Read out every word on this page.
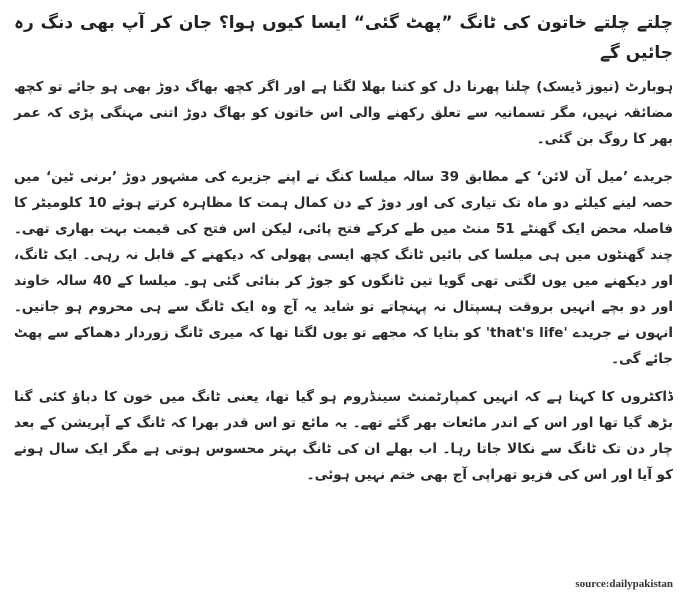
چلتے چلتے خاتون کی ٹانگ ”پھٹ گئی“ ایسا کیوں ہوا؟ جان کر آپ بھی دنگ رہ جائیں گے

ہوبارٹ (نیوز ڈیسک) چلنا پھرنا دل کو کتنا بھلا لگتا ہے اور اگر کچھ بھاگ دوڑ بھی ہو جائے تو کچھ مضائقہ نہیں، مگر تسمانیہ سے تعلق رکھنے والی اس خاتون کو بھاگ دوڑ اتنی مہنگی پڑی کہ عمر بھر کا روگ بن گئی۔

جریدے ’میل آن لائن‘ کے مطابق 39 سالہ میلسا کنگ نے اپنے جزیرے کی مشہور دوڑ ’برنی ٹین‘ میں حصہ لینے کیلئے دو ماہ تک تیاری کی اور دوڑ کے دن کمال ہمت کا مظاہرہ کرتے ہوئے 10 کلومیٹر کا فاصلہ محض ایک گھنٹے 51 منٹ میں طے کرکے فتح پائی، لیکن اس فتح کی قیمت بہت بھاری تھی۔ چند گھنٹوں میں ہی میلسا کی بائیں ٹانگ کچھ ایسی پھولی کہ دیکھنے کے قابل نہ رہی۔ ایک ٹانگ، اور دیکھنے میں یوں لگتی تھی گویا تین ٹانگوں کو جوڑ کر بنائی گئی ہو۔ میلسا کے 40 سالہ خاوند اور دو بچے انہیں بروقت ہسپتال نہ پہنچاتے تو شاید یہ آج وہ ایک ٹانگ سے ہی محروم ہو جاتیں۔ انہوں نے جریدے 'that's life' کو بتایا کہ مجھے تو یوں لگتا تھا کہ میری ٹانگ زوردار دھماکے سے پھٹ جائے گی۔

ڈاکٹروں کا کہنا ہے کہ انہیں کمپارٹمنٹ سینڈروم ہو گیا تھا، یعنی ٹانگ میں خون کا دباؤ کئی گنا بڑھ گیا تھا اور اس کے اندر مائعات بھر گئے تھے۔ یہ مائع تو اس قدر بھرا کہ ٹانگ کے آپریشن کے بعد چار دن تک ٹانگ سے نکالا جاتا رہا۔ اب بھلے ان کی ٹانگ بہتر محسوس ہوتی ہے مگر ایک سال ہونے کو آیا اور اس کی فزیو تھراپی آج بھی ختم نہیں ہوئی۔

source:dailypakistan
